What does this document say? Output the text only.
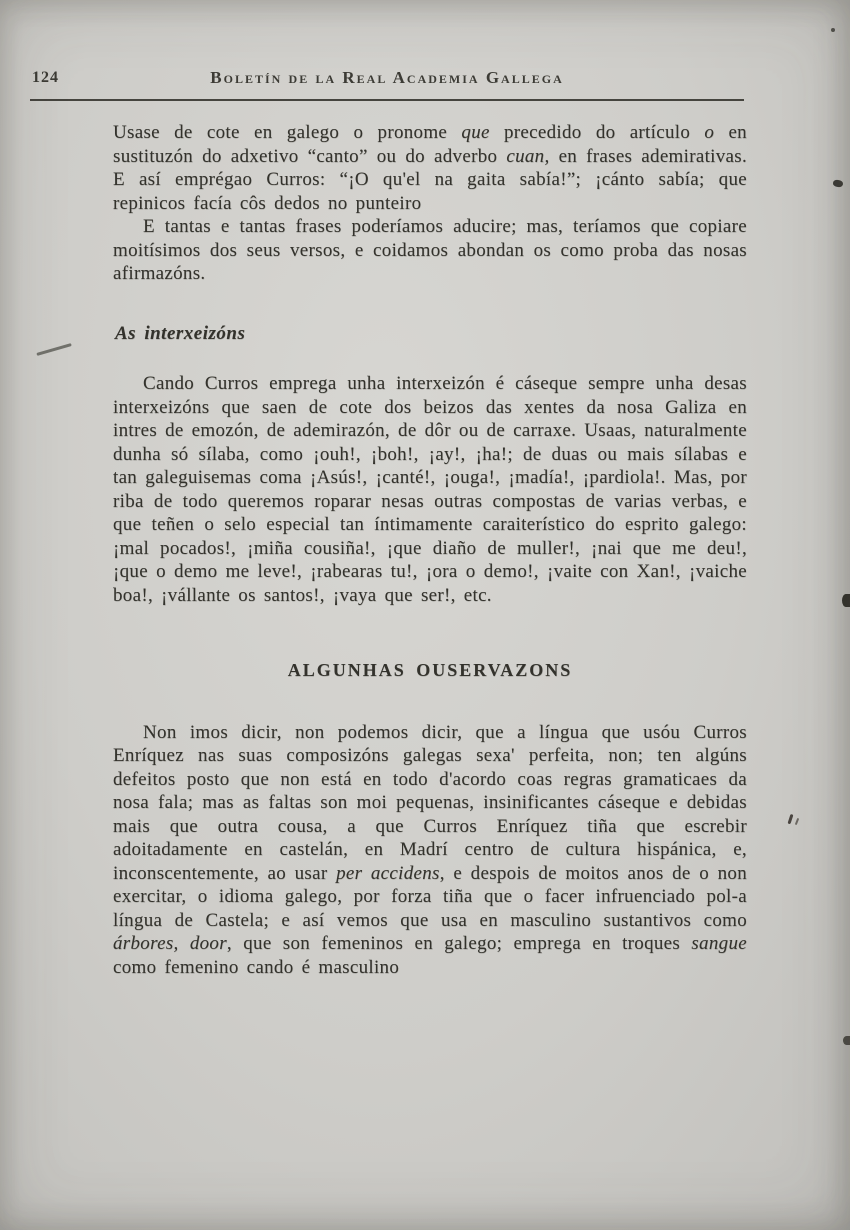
124	Boletín de la Real Academia Gallega

Usase de cote en galego o pronome que precedido do artículo o en sustituzón do adxetivo “canto” ou do adverbo cuan, en frases ademirativas. E así emprégao Curros: “¡O qu'el na gaita sabía!”; ¡cánto sabía; que repinicos facía côs dedos no punteiro

E tantas e tantas frases poderíamos aducire; mas, teríamos que copiare moitísimos dos seus versos, e coidamos abondan os como proba das nosas afirmazóns.

As interxeizóns

Cando Curros emprega unha interxeizón é cáseque sempre unha desas interxeizóns que saen de cote dos beizos das xentes da nosa Galiza en intres de emozón, de ademirazón, de dôr ou de carraxe. Usaas, naturalmente dunha só sílaba, como ¡ouh!, ¡boh!, ¡ay!, ¡ha!; de duas ou mais sílabas e tan galeguisemas coma ¡Asús!, ¡canté!, ¡ouga!, ¡madía!, ¡pardiola!. Mas, por riba de todo queremos roparar nesas outras compostas de varias verbas, e que teñen o selo especial tan íntimamente caraiterístico do esprito galego: ¡mal pocados!, ¡miña cousiña!, ¡que diaño de muller!, ¡nai que me deu!, ¡que o demo me leve!, ¡rabearas tu!, ¡ora o demo!, ¡vaite con Xan!, ¡vaiche boa!, ¡vállante os santos!, ¡vaya que ser!, etc.

ALGUNHAS OUSERVAZONS

Non imos dicir, non podemos dicir, que a língua que usóu Curros Enríquez nas suas composizóns galegas sexa' perfeita, non; ten algúns defeitos posto que non está en todo d'acordo coas regras gramaticaes da nosa fala; mas as faltas son moi pequenas, insinificantes cáseque e debidas mais que outra cousa, a que Curros Enríquez tiña que escrebir adoitadamente en castelán, en Madrí centro de cultura hispánica, e, inconscentemente, ao usar per accidens, e despois de moitos anos de o non exercitar, o idioma galego, por forza tiña que o facer infruenciado pol-a língua de Castela; e así vemos que usa en masculino sustantivos como árbores, door, que son femeninos en galego; emprega en troques sangue como femenino cando é masculino
